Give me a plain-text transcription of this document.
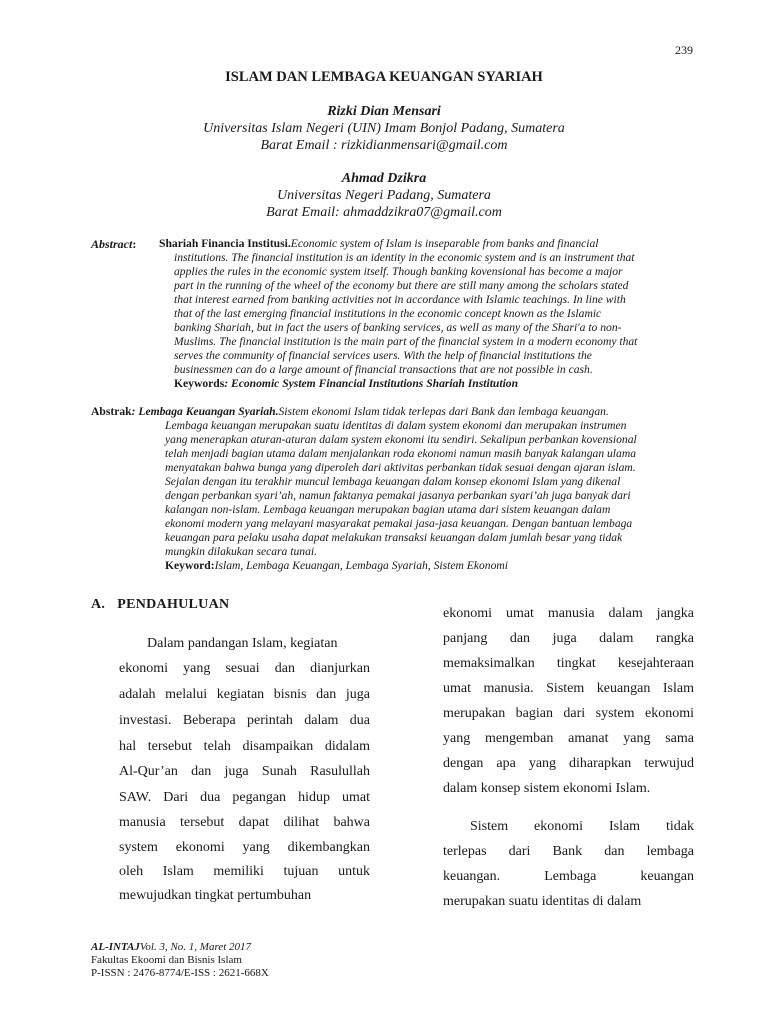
239
ISLAM DAN LEMBAGA KEUANGAN SYARIAH
Rizki Dian Mensari
Universitas Islam Negeri (UIN) Imam Bonjol Padang, Sumatera
Barat Email : rizkidianmensari@gmail.com
Ahmad Dzikra
Universitas Negeri Padang, Sumatera
Barat Email: ahmaddzikra07@gmail.com
Abstract: Shariah Financia Institusi.Economic system of Islam is inseparable from banks and financial
institutions. The financial institution is an identity in the economic system and is an instrument that
applies the rules in the economic system itself. Though banking kovensional has become a major
part in the running of the wheel of the economy but there are still many among the scholars stated
that interest earned from banking activities not in accordance with Islamic teachings. In line with
that of the last emerging financial institutions in the economic concept known as the Islamic
banking Shariah, but in fact the users of banking services, as well as many of the Shari'a to non-
Muslims. The financial institution is the main part of the financial system in a modern economy that
serves the community of financial services users. With the help of financial institutions the
businessmen can do a large amount of financial transactions that are not possible in cash.
Keywords: Economic System Financial Institutions Shariah Institution
Abstrak: Lembaga Keuangan Syariah.Sistem ekonomi Islam tidak terlepas dari Bank dan lembaga keuangan.
Lembaga keuangan merupakan suatu identitas di dalam system ekonomi dan merupakan instrumen
yang menerapkan aturan-aturan dalam system ekonomi itu sendiri. Sekalipun perbankan kovensional
telah menjadi bagian utama dalam menjalankan roda ekonomi namun masih banyak kalangan ulama
menyatakan bahwa bunga yang diperoleh dari aktivitas perbankan tidak sesuai dengan ajaran islam.
Sejalan dengan itu terakhir muncul lembaga keuangan dalam konsep ekonomi Islam yang dikenal
dengan perbankan syari’ah, namun faktanya pemakai jasanya perbankan syari’ah juga banyak dari
kalangan non-islam. Lembaga keuangan merupakan bagian utama dari sistem keuangan dalam
ekonomi modern yang melayani masyarakat pemakai jasa-jasa keuangan. Dengan bantuan lembaga
keuangan para pelaku usaha dapat melakukan transaksi keuangan dalam jumlah besar yang tidak
mungkin dilakukan secara tunai.
Keyword:Islam, Lembaga Keuangan, Lembaga Syariah, Sistem Ekonomi
A. PENDAHULUAN
Dalam pandangan Islam, kegiatan
ekonomi yang sesuai dan dianjurkan
adalah melalui kegiatan bisnis dan juga
investasi. Beberapa perintah dalam dua
hal tersebut telah disampaikan didalam
Al-Qur’an dan juga Sunah Rasulullah
SAW. Dari dua pegangan hidup umat
manusia tersebut dapat dilihat bahwa
system ekonomi yang dikembangkan
oleh Islam memiliki tujuan untuk
mewujudkan tingkat pertumbuhan
ekonomi umat manusia dalam jangka
panjang dan juga dalam rangka
memaksimalkan tingkat kesejahteraan
umat manusia. Sistem keuangan Islam
merupakan bagian dari system ekonomi
yang mengemban amanat yang sama
dengan apa yang diharapkan terwujud
dalam konsep sistem ekonomi Islam.
Sistem ekonomi Islam tidak
terlepas dari Bank dan lembaga
keuangan. Lembaga keuangan
merupakan suatu identitas di dalam
AL-INTAJVol. 3, No. 1, Maret 2017
Fakultas Ekoomi dan Bisnis Islam
P-ISSN : 2476-8774/E-ISS : 2621-668X
